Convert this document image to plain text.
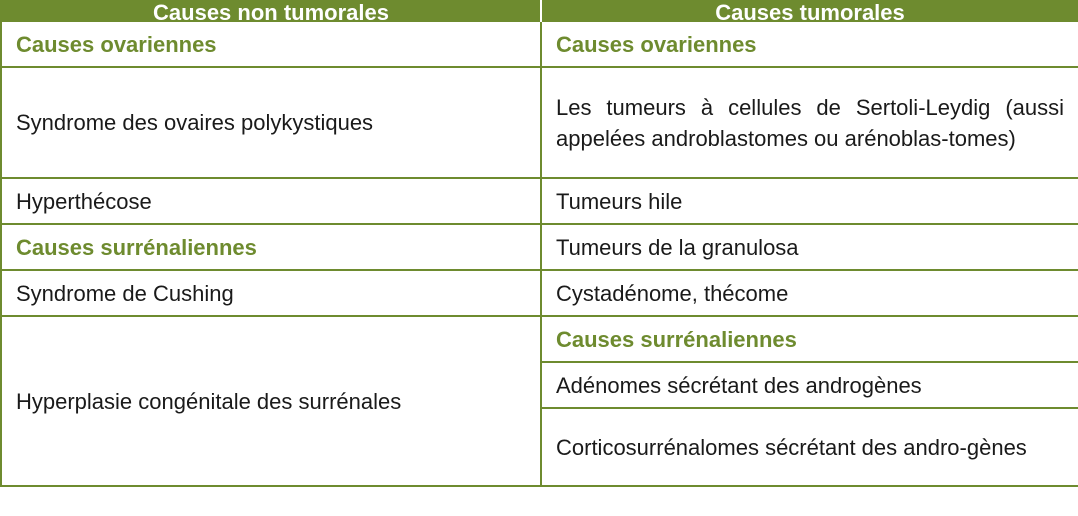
Causes non tumorales	Causes tumorales
Causes ovariennes	Causes ovariennes
Syndrome des ovaires polykystiques	Les tumeurs à cellules de Sertoli-Leydig (aussi appelées androblastomes ou arénoblas-tomes)
Hyperthécose	Tumeurs hile
Causes surrénaliennes	Tumeurs de la granulosa
Syndrome de Cushing	Cystadénome, thécome
Hyperplasie congénitale des surrénales	Causes surrénaliennes
	Adénomes sécrétant des androgènes
	Corticosurrénalomes sécrétant des andro-gènes
